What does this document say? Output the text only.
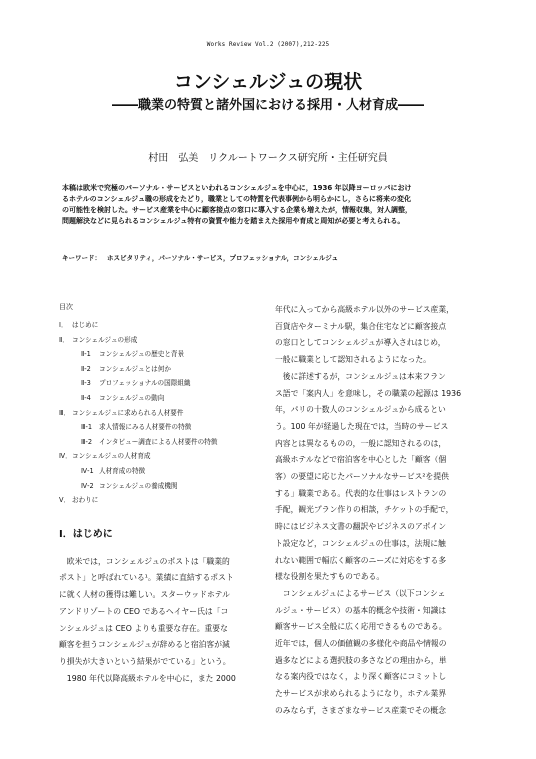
Works Review Vol.2 (2007),212-225
コンシェルジュの現状
――職業の特質と諸外国における採用・人材育成――
村田　弘美　リクルートワークス研究所・主任研究員
本稿は欧米で究極のパーソナル・サービスといわれるコンシェルジュを中心に，1936 年以降ヨーロッパにおけ
るホテルのコンシェルジュ職の形成をたどり，職業としての特質を代表事例から明らかにし，さらに将来の変化
の可能性を検討した。サービス産業を中心に顧客接点の窓口に導入する企業も増えたが，情報収集，対人調整，
問題解決などに見られるコンシェルジュ特有の資質や能力を踏まえた採用や育成と周知が必要と考えられる。
キーワード： ホスピタリティ，パーソナル・サービス，プロフェッショナル，コンシェルジュ
目次
Ⅰ． はじめに
Ⅱ． コンシェルジュの形成
Ⅱ-1 コンシェルジュの歴史と背景
Ⅱ-2 コンシェルジュとは何か
Ⅱ-3 プロフェッショナルの国際組織
Ⅱ-4 コンシェルジュの動向
Ⅲ． コンシェルジュに求められる人材要件
Ⅲ-1 求人情報にみる人材要件の特徴
Ⅲ-2 インタビュー調査による人材要件の特徴
Ⅳ．コンシェルジュの人材育成
Ⅳ-1 人材育成の特徴
Ⅳ-2 コンシェルジュの養成機関
Ⅴ． おわりに
Ⅰ．はじめに
　欧米では，コンシェルジュのポストは「職業的
ポスト」と呼ばれている¹。業績に直結するポスト
に就く人材の獲得は難しい。スターウッドホテル
アンドリゾートの CEO であるヘイヤー氏は「コ
ンシェルジュは CEO よりも重要な存在。重要な
顧客を担うコンシェルジュが辞めると宿泊客が減
り損失が大きいという結果がでている」という。
　1980 年代以降高級ホテルを中心に，また 2000
年代に入ってから高級ホテル以外のサービス産業，
百貨店やターミナル駅，集合住宅などに顧客接点
の窓口としてコンシェルジュが導入されはじめ，
一般に職業として認知されるようになった。
　後に詳述するが，コンシェルジュは本来フラン
ス語で「案内人」を意味し，その職業の起源は 1936
年，パリの十数人のコンシェルジュから成るとい
う。100 年が経過した現在では，当時のサービス
内容とは異なるものの，一般に認知されるのは，
高級ホテルなどで宿泊客を中心とした「顧客（個
客）の要望に応じたパーソナルなサービス²を提供
する」職業である。代表的な仕事はレストランの
手配，観光プラン作りの相談，チケットの手配で，
時にはビジネス文書の翻訳やビジネスのアポイン
ト設定など，コンシェルジュの仕事は，法規に触
れない範囲で幅広く顧客のニーズに対応をする多
様な役割を果たすものである。
　コンシェルジュによるサービス（以下コンシェ
ルジュ・サービス）の基本的概念や技術・知識は
顧客サービス全般に広く応用できるものである。
近年では，個人の価値観の多様化や商品や情報の
過多などによる選択肢の多さなどの理由から，単
なる案内役ではなく，より深く顧客にコミットし
たサービスが求められるようになり，ホテル業界
のみならず，さまざまなサービス産業でその概念
